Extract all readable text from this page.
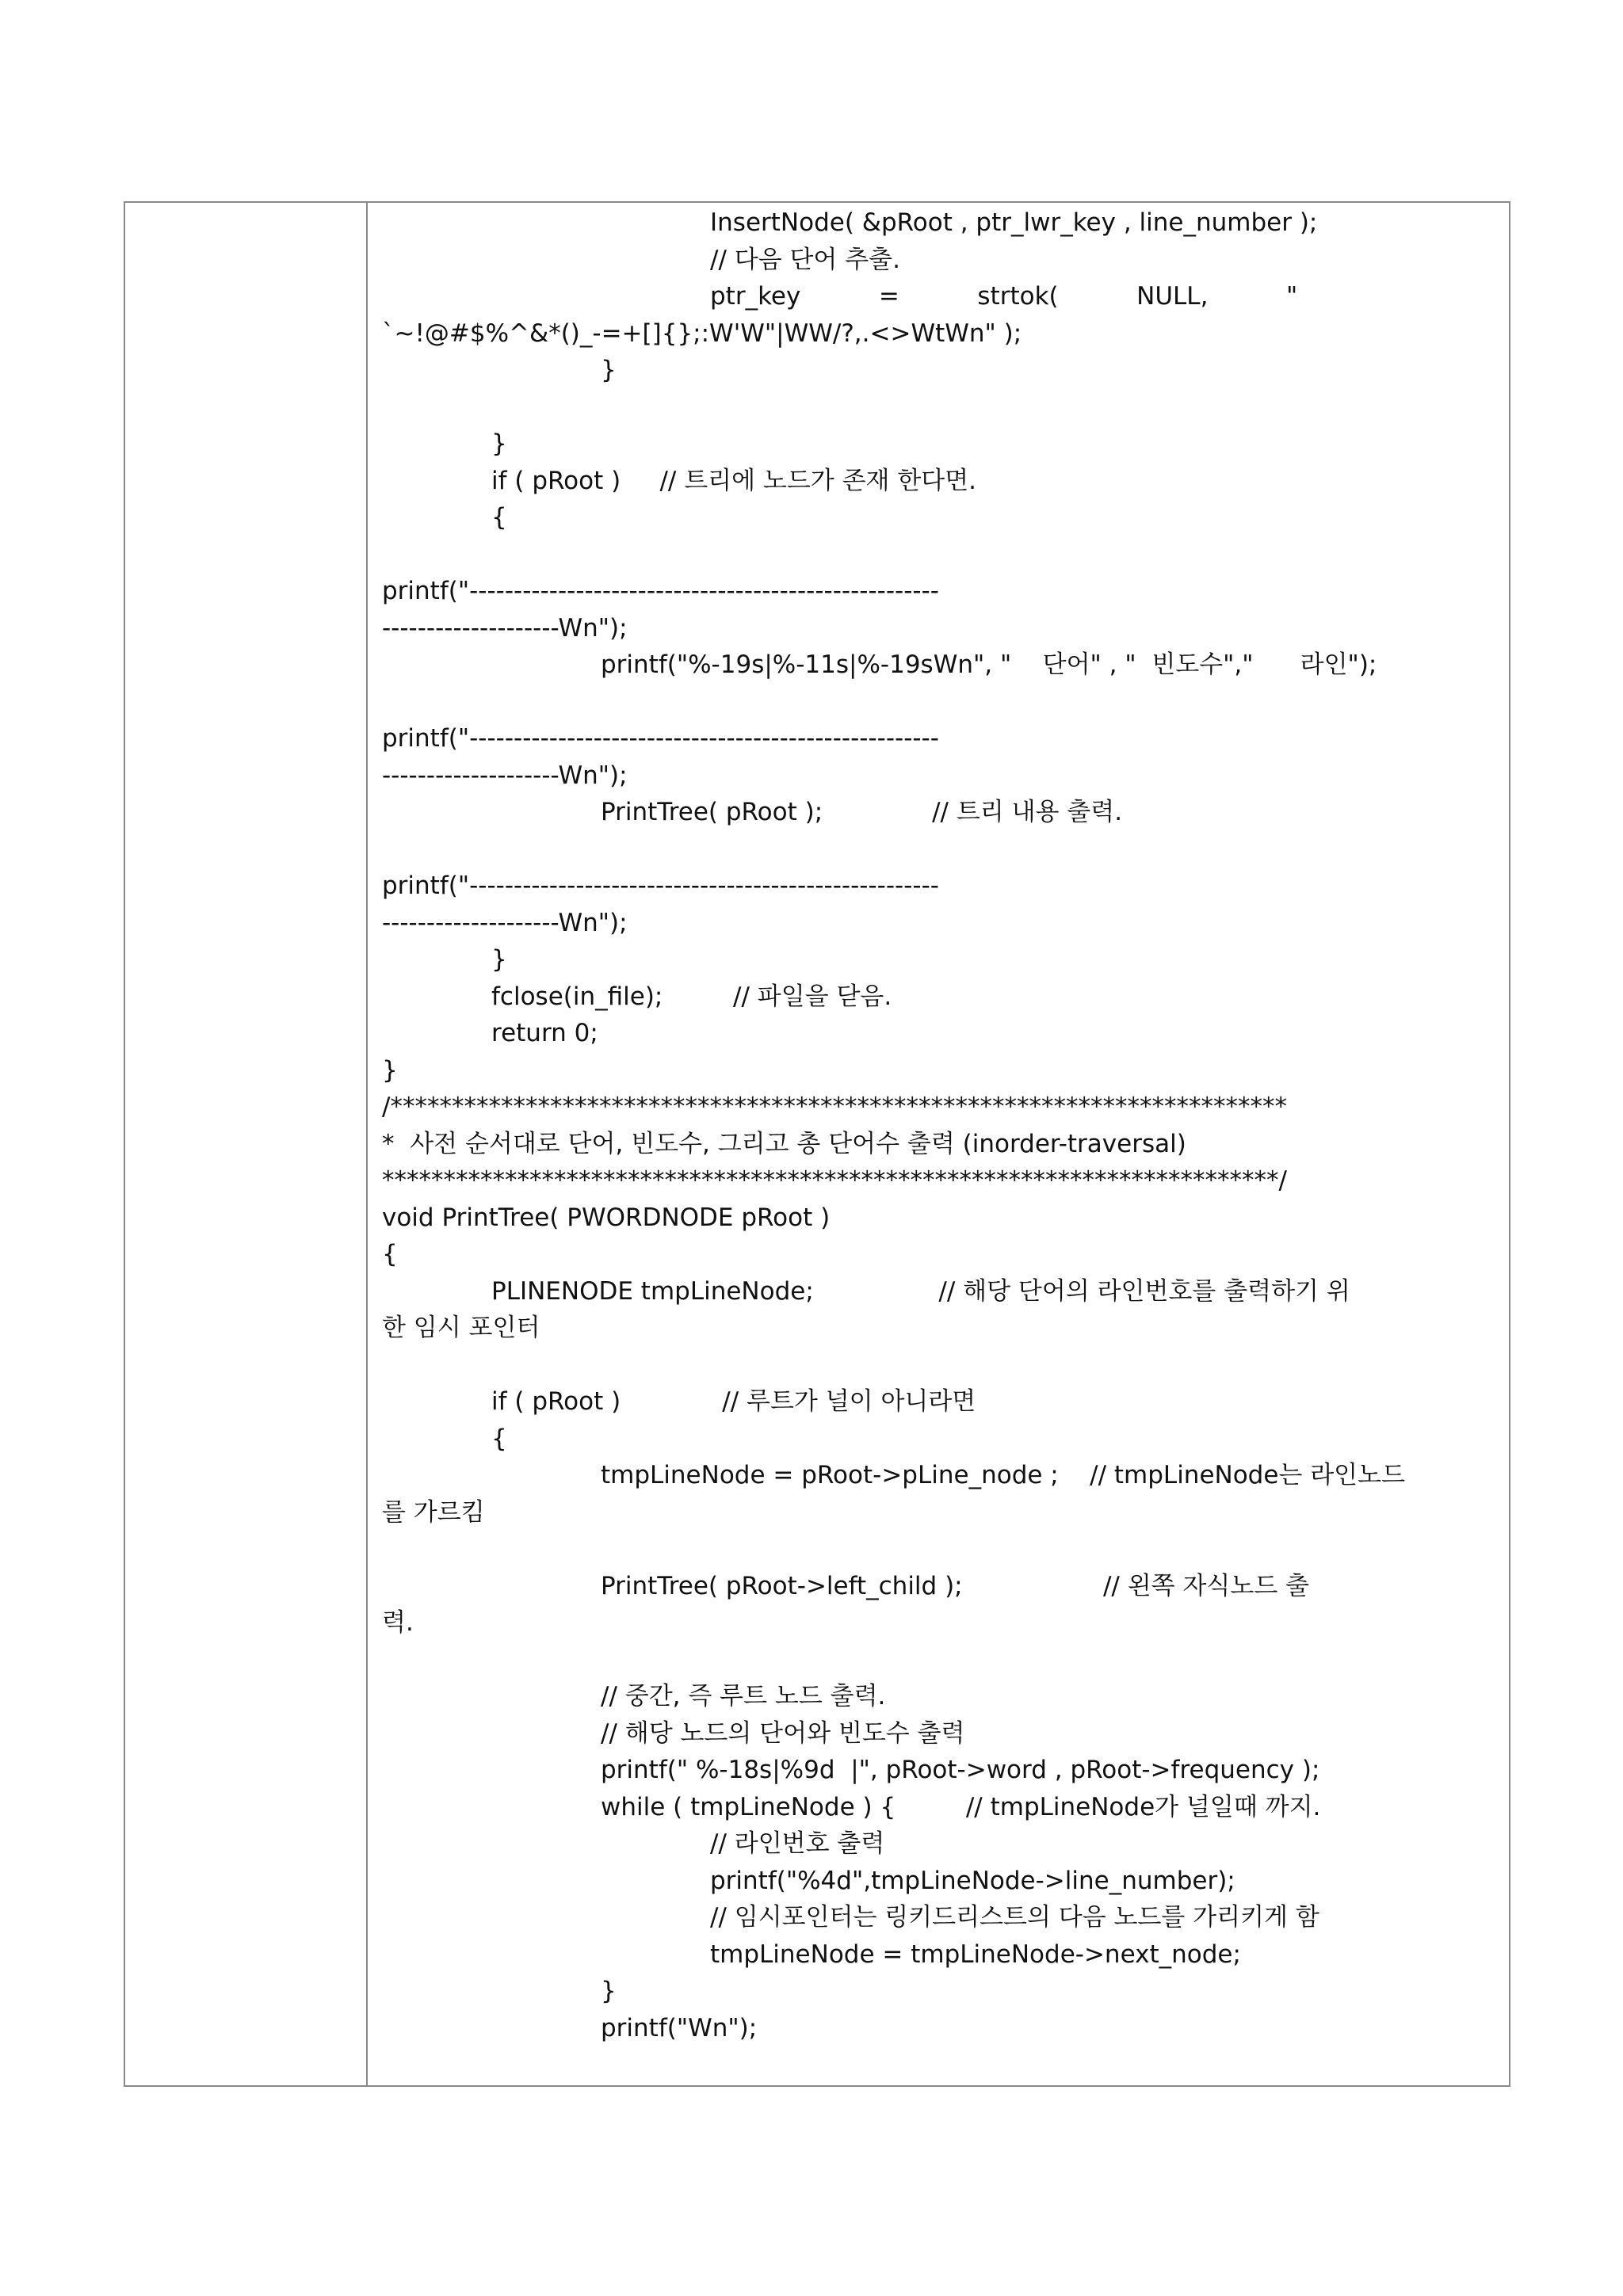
InsertNode( &pRoot , ptr_lwr_key , line_number );
// 다음 단어 추출.
ptr_key          =          strtok(          NULL,          "
`~!@#$%^&*()_-=+[]{};:W'W"|WW/?,.<>WtWn" );
}
}
if ( pRoot )     // 트리에 노드가 존재 한다면.
{
printf("-----------------------------------------------------
--------------------Wn");
printf("%-19s|%-11s|%-19sWn", "    단어" , "  빈도수","      라인");
printf("-----------------------------------------------------
--------------------Wn");
PrintTree( pRoot );              // 트리 내용 출력.
printf("-----------------------------------------------------
--------------------Wn");
}
fclose(in_file);         // 파일을 닫음.
return 0;
}
/*************************************************************************
*  사전 순서대로 단어, 빈도수, 그리고 총 단어수 출력 (inorder-traversal)
*************************************************************************/
void PrintTree( PWORDNODE pRoot )
{
PLINENODE tmpLineNode;                // 해당 단어의 라인번호를 출력하기 위
한 임시 포인터
if ( pRoot )             // 루트가 널이 아니라면
{
tmpLineNode = pRoot->pLine_node ;    // tmpLineNode는 라인노드
를 가르킴
PrintTree( pRoot->left_child );                  // 왼쪽 자식노드 출
력.
// 중간, 즉 루트 노드 출력.
// 해당 노드의 단어와 빈도수 출력
printf(" %-18s|%9d  |", pRoot->word , pRoot->frequency );
while ( tmpLineNode ) {         // tmpLineNode가 널일때 까지.
// 라인번호 출력
printf("%4d",tmpLineNode->line_number);
// 임시포인터는 링키드리스트의 다음 노드를 가리키게 함
tmpLineNode = tmpLineNode->next_node;
}
printf("Wn");
